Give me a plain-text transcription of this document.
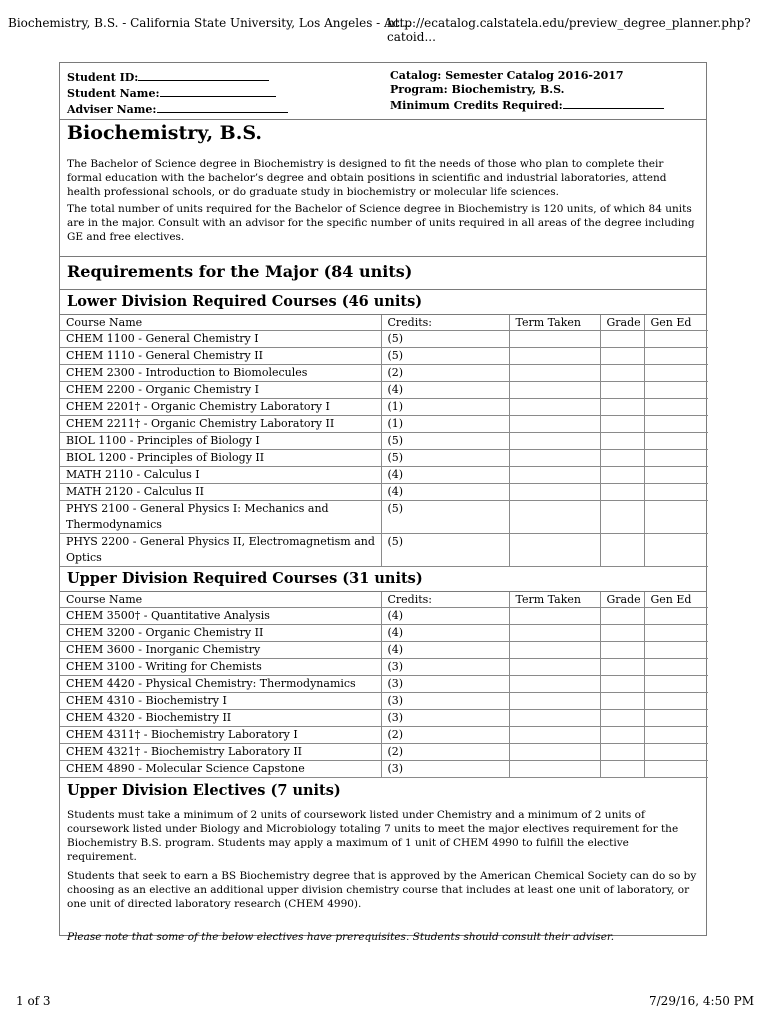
Biochemistry, B.S. - California State University, Los Angeles - Ac...
http://ecatalog.calstatela.edu/preview_degree_planner.php?catoid...
Student ID:
Student Name:
Adviser Name:
Catalog: Semester Catalog 2016-2017
Program: Biochemistry, B.S.
Minimum Credits Required:
Biochemistry, B.S.

The Bachelor of Science degree in Biochemistry is designed to fit the needs of those who plan to complete their formal education with the bachelor’s degree and obtain positions in scientific and industrial laboratories, attend health professional schools, or do graduate study in biochemistry or molecular life sciences.

The total number of units required for the Bachelor of Science degree in Biochemistry is 120 units, of which 84 units are in the major. Consult with an advisor for the specific number of units required in all areas of the degree including GE and free electives.

Requirements for the Major (84 units)
Lower Division Required Courses (46 units)
Course Name	Credits:	Term Taken	Grade	Gen Ed
CHEM 1100 - General Chemistry I	(5)			
CHEM 1110 - General Chemistry II	(5)			
CHEM 2300 - Introduction to Biomolecules	(2)			
CHEM 2200 - Organic Chemistry I	(4)			
CHEM 2201† - Organic Chemistry Laboratory I	(1)			
CHEM 2211† - Organic Chemistry Laboratory II	(1)			
BIOL 1100 - Principles of Biology I	(5)			
BIOL 1200 - Principles of Biology II	(5)			
MATH 2110 - Calculus I	(4)			
MATH 2120 - Calculus II	(4)			
PHYS 2100 - General Physics I: Mechanics and Thermodynamics	(5)			
PHYS 2200 - General Physics II, Electromagnetism and Optics	(5)			
Upper Division Required Courses (31 units)
Course Name	Credits:	Term Taken	Grade	Gen Ed
CHEM 3500† - Quantitative Analysis	(4)			
CHEM 3200 - Organic Chemistry II	(4)			
CHEM 3600 - Inorganic Chemistry	(4)			
CHEM 3100 - Writing for Chemists	(3)			
CHEM 4420 - Physical Chemistry: Thermodynamics	(3)			
CHEM 4310 - Biochemistry I	(3)			
CHEM 4320 - Biochemistry II	(3)			
CHEM 4311† - Biochemistry Laboratory I	(2)			
CHEM 4321† - Biochemistry Laboratory II	(2)			
CHEM 4890 - Molecular Science Capstone	(3)			
Upper Division Electives (7 units)

Students must take a minimum of 2 units of coursework listed under Chemistry and a minimum of 2 units of coursework listed under Biology and Microbiology totaling 7 units to meet the major electives requirement for the Biochemistry B.S. program. Students may apply a maximum of 1 unit of CHEM 4990 to fulfill the elective requirement.

Students that seek to earn a BS Biochemistry degree that is approved by the American Chemical Society can do so by choosing as an elective an additional upper division chemistry course that includes at least one unit of laboratory, or one unit of directed laboratory research (CHEM 4990).

Please note that some of the below electives have prerequisites. Students should consult their adviser.

1 of 3	7/29/16, 4:50 PM
